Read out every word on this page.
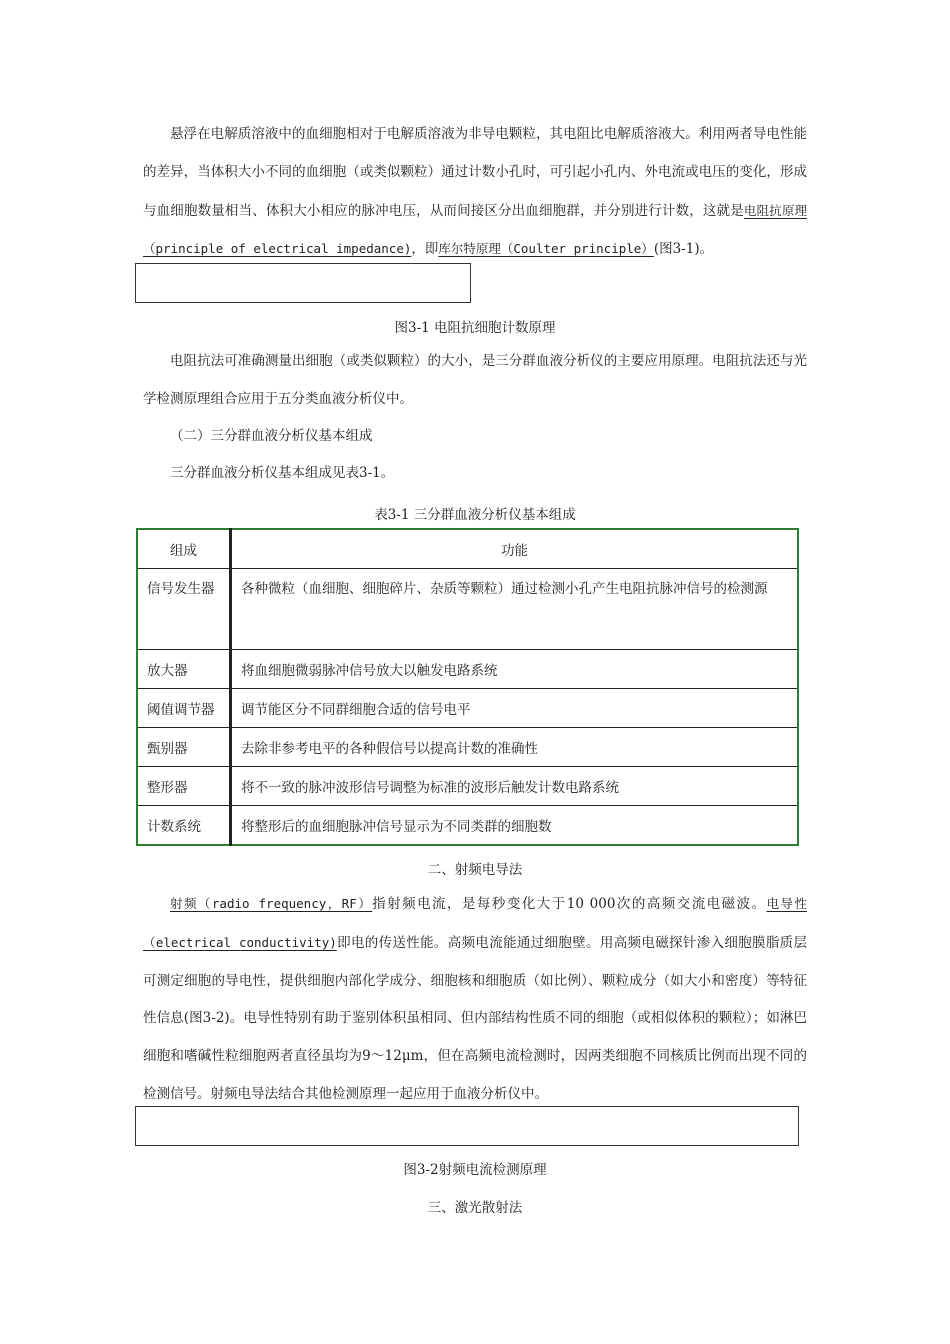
悬浮在电解质溶液中的血细胞相对于电解质溶液为非导电颗粒，其电阻比电解质溶液大。利用两者导电性能的差异，当体积大小不同的血细胞（或类似颗粒）通过计数小孔时，可引起小孔内、外电流或电压的变化，形成与血细胞数量相当、体积大小相应的脉冲电压，从而间接区分出血细胞群，并分别进行计数，这就是电阻抗原理（principle of electrical impedance)，即库尔特原理（Coulter principle）(图3-1)。

图3-1 电阻抗细胞计数原理

电阻抗法可准确测量出细胞（或类似颗粒）的大小，是三分群血液分析仪的主要应用原理。电阻抗法还与光学检测原理组合应用于五分类血液分析仪中。

（二）三分群血液分析仪基本组成

三分群血液分析仪基本组成见表3-1。

表3-1 三分群血液分析仪基本组成

组成	功能
信号发生器	各种微粒（血细胞、细胞碎片、杂质等颗粒）通过检测小孔产生电阻抗脉冲信号的检测源
放大器	将血细胞微弱脉冲信号放大以触发电路系统
阈值调节器	调节能区分不同群细胞合适的信号电平
甄别器	去除非参考电平的各种假信号以提高计数的准确性
整形器	将不一致的脉冲波形信号调整为标准的波形后触发计数电路系统
计数系统	将整形后的血细胞脉冲信号显示为不同类群的细胞数

二、射频电导法

射频（radio frequency，RF）指射频电流，是每秒变化大于10 000次的高频交流电磁波。电导性（electrical conductivity)即电的传送性能。高频电流能通过细胞壁。用高频电磁探针渗入细胞膜脂质层可测定细胞的导电性，提供细胞内部化学成分、细胞核和细胞质（如比例）、颗粒成分（如大小和密度）等特征性信息(图3-2)。电导性特别有助于鉴别体积虽相同、但内部结构性质不同的细胞（或相似体积的颗粒）；如淋巴细胞和嗜碱性粒细胞两者直径虽均为9～12μm，但在高频电流检测时，因两类细胞不同核质比例而出现不同的检测信号。射频电导法结合其他检测原理一起应用于血液分析仪中。

图3-2射频电流检测原理

三、激光散射法
